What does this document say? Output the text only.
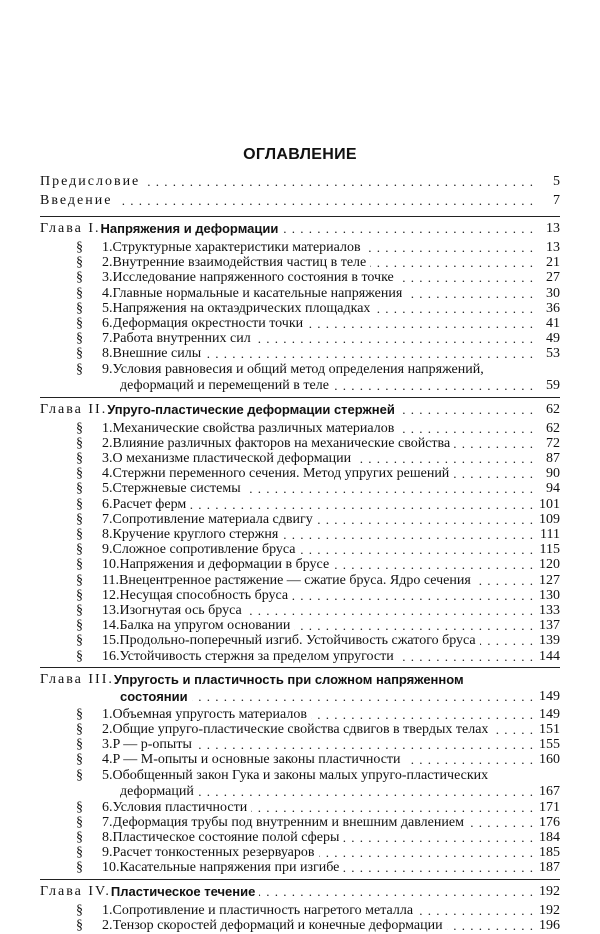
ОГЛАВЛЕНИЕ
Предисловие . . .	5
Введение . . .	7
Глава I. Напряжения и деформации . . .	13
§	1. Структурные характеристики материалов . . .	13
§	2. Внутренние взаимодействия частиц в теле . . .	21
§	3. Исследование напряженного состояния в точке . . .	27
§	4. Главные нормальные и касательные напряжения . . .	30
§	5. Напряжения на октаэдрических площадках . . .	36
§	6. Деформация окрестности точки . . .	41
§	7. Работа внутренних сил . . .	49
§	8. Внешние силы . . .	53
§	9. Условия равновесия и общий метод определения напряжений,
деформаций и перемещений в теле . . .	59
Глава II. Упруго-пластические деформации стержней . . .	62
§	1. Механические свойства различных материалов . . .	62
§	2. Влияние различных факторов на механические свойства . . .	72
§	3. О механизме пластической деформации . . .	87
§	4. Стержни переменного сечения. Метод упругих решений . . .	90
§	5. Стержневые системы . . .	94
§	6. Расчет ферм . . .	101
§	7. Сопротивление материала сдвигу . . .	109
§	8. Кручение круглого стержня . . .	111
§	9. Сложное сопротивление бруса . . .	115
§	10. Напряжения и деформации в брусе . . .	120
§	11. Внецентренное растяжение — сжатие бруса. Ядро сечения . . .	127
§	12. Несущая способность бруса . . .	130
§	13. Изогнутая ось бруса . . .	133
§	14. Балка на упругом основании . . .	137
§	15. Продольно-поперечный изгиб. Устойчивость сжатого бруса . . .	139
§	16. Устойчивость стержня за пределом упругости . . .	144
Глава III. Упругость и пластичность при сложном напряженном
состоянии . . .	149
§	1. Объемная упругость материалов . . .	149
§	2. Общие упруго-пластические свойства сдвигов в твердых телах . . .	151
§	3. P — p-опыты . . .	155
§	4. P — M-опыты и основные законы пластичности . . .	160
§	5. Обобщенный закон Гука и законы малых упруго-пластических
деформаций . . .	167
§	6. Условия пластичности . . .	171
§	7. Деформация трубы под внутренним и внешним давлением . . .	176
§	8. Пластическое состояние полой сферы . . .	184
§	9. Расчет тонкостенных резервуаров . . .	185
§	10. Касательные напряжения при изгибе . . .	187
Глава IV. Пластическое течение . . .	192
§	1. Сопротивление и пластичность нагретого металла . . .	192
§	2. Тензор скоростей деформаций и конечные деформации . . .	196
